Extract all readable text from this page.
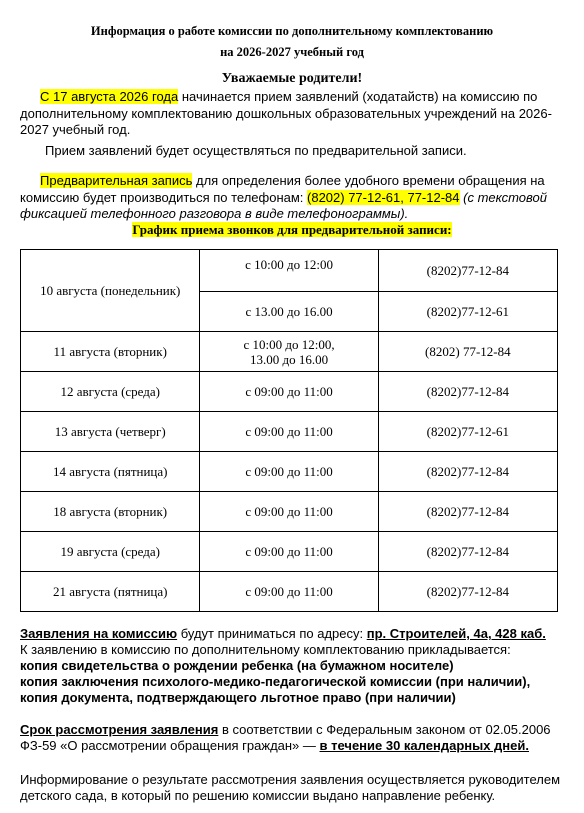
Информация о работе комиссии по дополнительному комплектованию
на 2026-2027 учебный год
Уважаемые родители!
С 17 августа 2026 года начинается прием заявлений (ходатайств) на комиссию по
дополнительному комплектованию дошкольных образовательных учреждений на 2026-
2027 учебный год.
Прием заявлений будет осуществляться по предварительной записи.
Предварительная запись для определения более удобного времени обращения на
комиссию будет производиться по телефонам: (8202) 77-12-61, 77-12-84 (с текстовой
фиксацией телефонного разговора в виде телефонограммы).
График приема звонков для предварительной записи:
10 августа (понедельник)	с 10:00 до 12:00	(8202)77-12-84
	с 13.00 до 16.00	(8202)77-12-61
11 августа (вторник)	с 10:00 до 12:00,
13.00 до 16.00	(8202) 77-12-84
12 августа (среда)	с 09:00 до 11:00	(8202)77-12-84
13 августа (четверг)	с 09:00 до 11:00	(8202)77-12-61
14 августа (пятница)	с 09:00 до 11:00	(8202)77-12-84
18 августа (вторник)	с 09:00 до 11:00	(8202)77-12-84
19 августа (среда)	с 09:00 до 11:00	(8202)77-12-84
21 августа (пятница)	с 09:00 до 11:00	(8202)77-12-84
Заявления на комиссию будут приниматься по адресу: пр. Строителей, 4а, 428 каб.
К заявлению в комиссию по дополнительному комплектованию прикладывается:
копия свидетельства о рождении ребенка (на бумажном носителе)
копия заключения психолого-медико-педагогической комиссии (при наличии),
копия документа, подтверждающего льготное право (при наличии)
Срок рассмотрения заявления в соответствии с Федеральным законом от 02.05.2006
ФЗ-59 «О рассмотрении обращения граждан» — в течение 30 календарных дней.
Информирование о результате рассмотрения заявления осуществляется руководителем
детского сада, в который по решению комиссии выдано направление ребенку.
